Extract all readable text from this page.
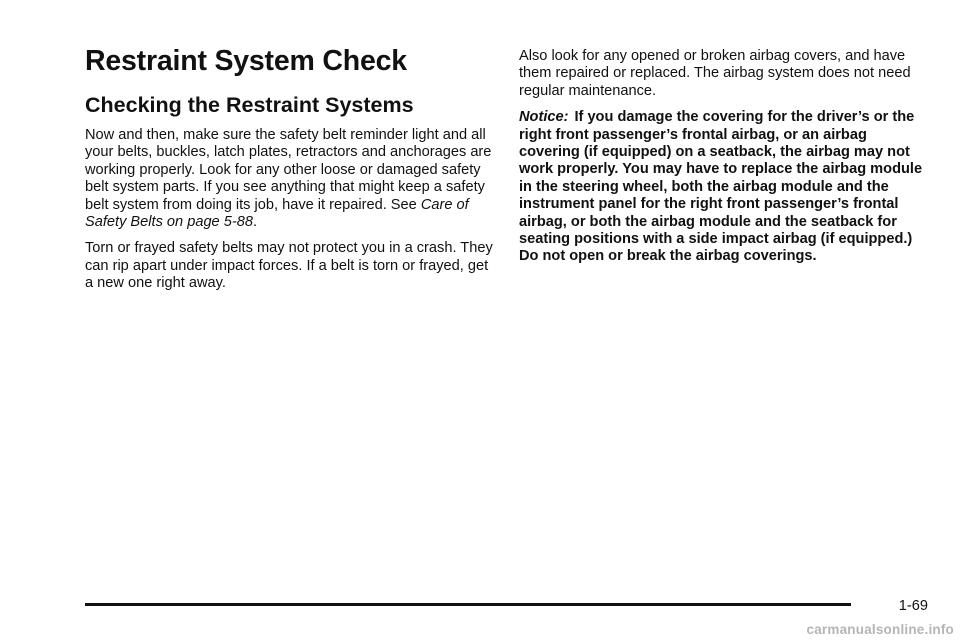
Restraint System Check
Checking the Restraint Systems

Now and then, make sure the safety belt reminder light and all your belts, buckles, latch plates, retractors and anchorages are working properly. Look for any other loose or damaged safety belt system parts. If you see anything that might keep a safety belt system from doing its job, have it repaired. See Care of Safety Belts on page 5-88.

Torn or frayed safety belts may not protect you in a crash. They can rip apart under impact forces. If a belt is torn or frayed, get a new one right away.

Also look for any opened or broken airbag covers, and have them repaired or replaced. The airbag system does not need regular maintenance.

Notice: If you damage the covering for the driver’s or the right front passenger’s frontal airbag, or an airbag covering (if equipped) on a seatback, the airbag may not work properly. You may have to replace the airbag module in the steering wheel, both the airbag module and the instrument panel for the right front passenger’s frontal airbag, or both the airbag module and the seatback for seating positions with a side impact airbag (if equipped.) Do not open or break the airbag coverings.

1-69
carmanualsonline.info
